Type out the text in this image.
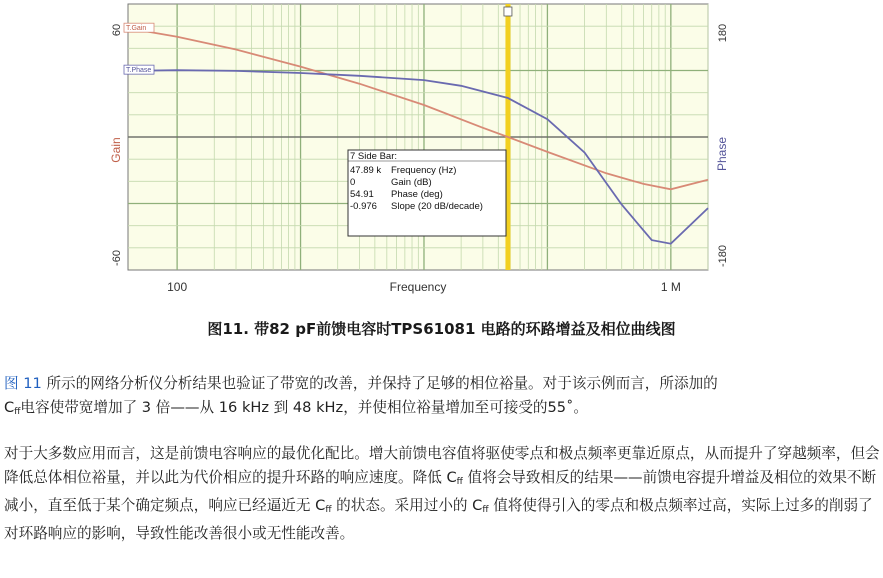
T.Gain
T.Phase
60
-60
180
-180
Gain	Phase
100	1 M
Frequency
7 Side Bar:
47.89 k Frequency (Hz)
0	Gain (dB)
54.91 Phase (deg)
-0.976 Slope (20 dB/decade)
图11. 带82 pF前馈电容时TPS61081 电路的环路增益及相位曲线图

图 11 所示的网络分析仪分析结果也验证了带宽的改善，并保持了足够的相位裕量。对于该示例而言，所添加的
$C_{ff}$电容使带宽增加了 3 倍——从 16 kHz 到 48 kHz，并使相位裕量增加至可接受的55˚。

对于大多数应用而言，这是前馈电容响应的最优化配比。增大前馈电容值将驱使零点和极点频率更靠近原点，从而提升了穿越频率，但会降低总体相位裕量，并以此为代价相应的提升环路的响应速度。降低 $C_{ff}$ 值将会导致相反的结果——前馈电容提升增益及相位的效果不断减小，直至低于某个确定频点，响应已经逼近无 $C_{ff}$ 的状态。采用过小的 $C_{ff}$ 值将使得引入的零点和极点频率过高，实际上过多的削弱了对环路响应的影响，导致性能改善很小或无性能改善。
